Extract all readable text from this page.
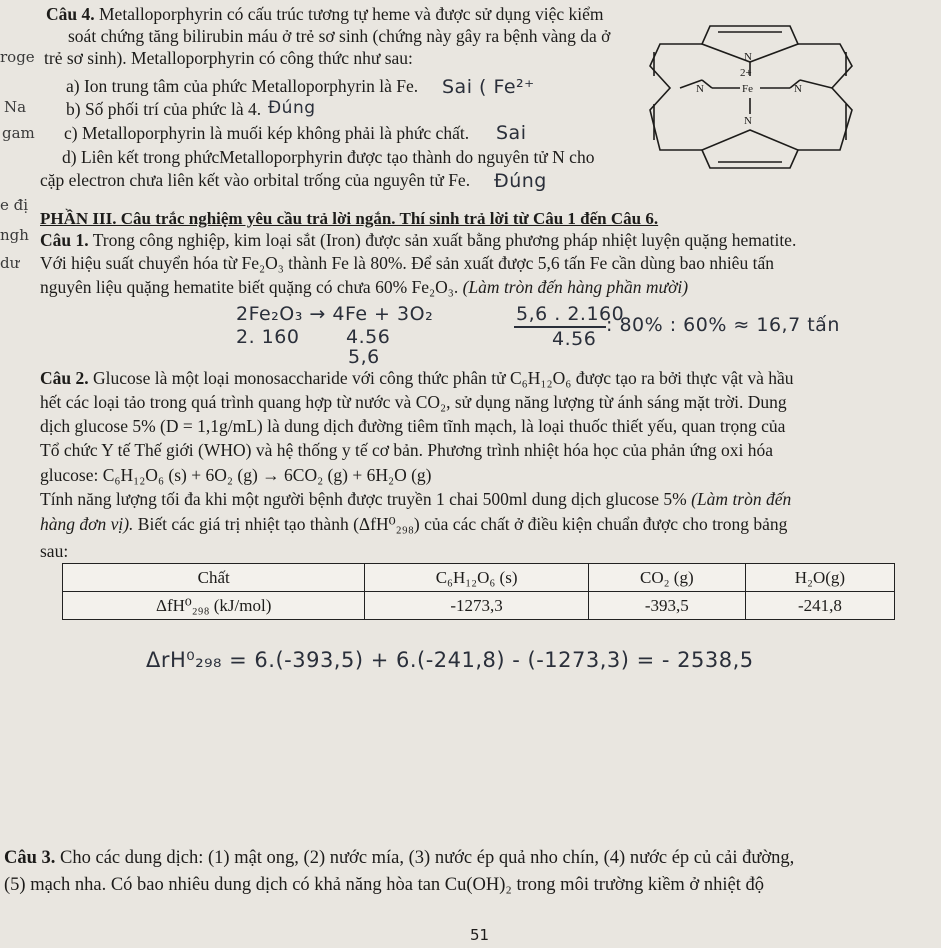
roge
Na
gam
e đị
ngh
dư
Câu 4. Metalloporphyrin có cấu trúc tương tự heme và được sử dụng việc kiểm
soát chứng tăng bilirubin máu ở trẻ sơ sinh (chứng này gây ra bệnh vàng da ở
trẻ sơ sinh). Metalloporphyrin có công thức như sau:
a) Ion trung tâm của phức Metalloporphyrin là Fe. Sai ( Fe²⁺
b) Số phối trí của phức là 4. Đúng
c) Metalloporphyrin là muối kép không phải là phức chất. Sai
d) Liên kết trong phứcMetalloporphyrin được tạo thành do nguyên tử N cho
cặp electron chưa liên kết vào orbital trống của nguyên tử Fe. Đúng
N
N	N
N
Fe
2+
PHẦN III. Câu trắc nghiệm yêu cầu trả lời ngắn. Thí sinh trả lời từ Câu 1 đến Câu 6.
Câu 1. Trong công nghiệp, kim loại sắt (Iron) được sản xuất bằng phương pháp nhiệt luyện quặng hematite.
Với hiệu suất chuyển hóa từ Fe₂O₃ thành Fe là 80%. Để sản xuất được 5,6 tấn Fe cần dùng bao nhiêu tấn
nguyên liệu quặng hematite biết quặng có chưa 60% Fe₂O₃. (Làm tròn đến hàng phần mười)
2Fe₂O₃ → 4Fe + 3O₂
2. 160 4.56
5,6
5,6 . 2.160
4.56
: 80% : 60% ≈ 16,7 tấn
Câu 2. Glucose là một loại monosaccharide với công thức phân tử C₆H₁₂O₆ được tạo ra bởi thực vật và hầu
hết các loại tảo trong quá trình quang hợp từ nước và CO₂, sử dụng năng lượng từ ánh sáng mặt trời. Dung
dịch glucose 5% (D = 1,1g/mL) là dung dịch đường tiêm tĩnh mạch, là loại thuốc thiết yếu, quan trọng của
Tổ chức Y tế Thế giới (WHO) và hệ thống y tế cơ bản. Phương trình nhiệt hóa học của phản ứng oxi hóa
glucose: C₆H₁₂O₆ (s) + 6O₂ (g) → 6CO₂ (g) + 6H₂O (g)
Tính năng lượng tối đa khi một người bệnh được truyền 1 chai 500ml dung dịch glucose 5% (Làm tròn đến
hàng đơn vị). Biết các giá trị nhiệt tạo thành (ΔfH⁰₂₉₈) của các chất ở điều kiện chuẩn được cho trong bảng
sau:
Chất	C₆H₁₂O₆ (s)	CO₂ (g)	H₂O(g)
ΔfH⁰₂₉₈ (kJ/mol)	-1273,3	-393,5	-241,8
ΔrH⁰₂₉₈ = 6.(-393,5) + 6.(-241,8) - (-1273,3) = - 2538,5
Câu 3. Cho các dung dịch: (1) mật ong, (2) nước mía, (3) nước ép quả nho chín, (4) nước ép củ cải đường,
(5) mạch nha. Có bao nhiêu dung dịch có khả năng hòa tan Cu(OH)₂ trong môi trường kiềm ở nhiệt độ
51
